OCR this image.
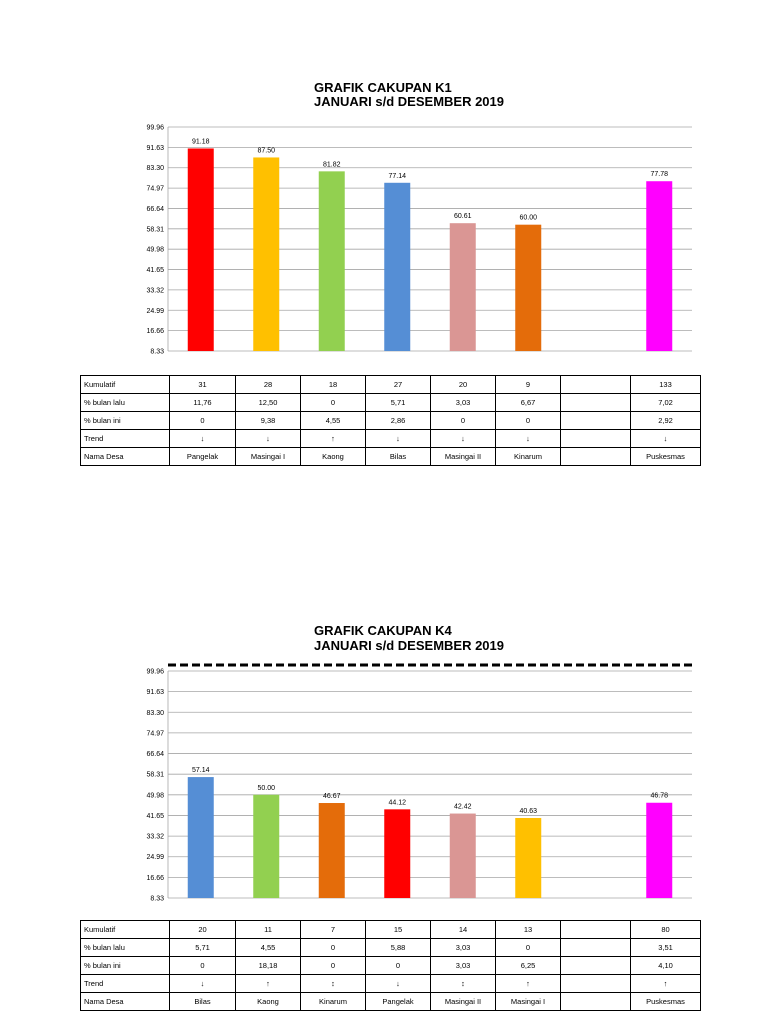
GRAFIK CAKUPAN K1
JANUARI s/d DESEMBER 2019
99.96
91.63
83.30
74.97
66.64
58.31
49.98
41.65
33.32
24.99
16.66
8.33
91.18
87.50
81.82
77.14
60.61	60.00
77.78
Kumulatif	31	28	18	27	20	9		133
% bulan lalu	11,76	12,50	0	5,71	3,03	6,67		7,02
% bulan ini	0	9,38	4,55	2,86	0	0		2,92
Trend	↓	↓	↑	↓	↓	↓		↓
Nama Desa	Pangelak	Masingai I	Kaong	Bilas	Masingai II	Kinarum		Puskesmas
GRAFIK CAKUPAN K4
JANUARI s/d DESEMBER 2019
99.96
91.63
83.30
74.97
66.64
58.31
49.98
41.65
33.32
24.99
16.66
8.33
57.14
50.00
46.67
44.12
42.42
40.63
46.78
Kumulatif	20	11	7	15	14	13		80
% bulan lalu	5,71	4,55	0	5,88	3,03	0		3,51
% bulan ini	0	18,18	0	0	3,03	6,25		4,10
Trend	↓	↑	↕	↓	↕	↑		↑
Nama Desa	Bilas	Kaong	Kinarum	Pangelak	Masingai II	Masingai I		Puskesmas
